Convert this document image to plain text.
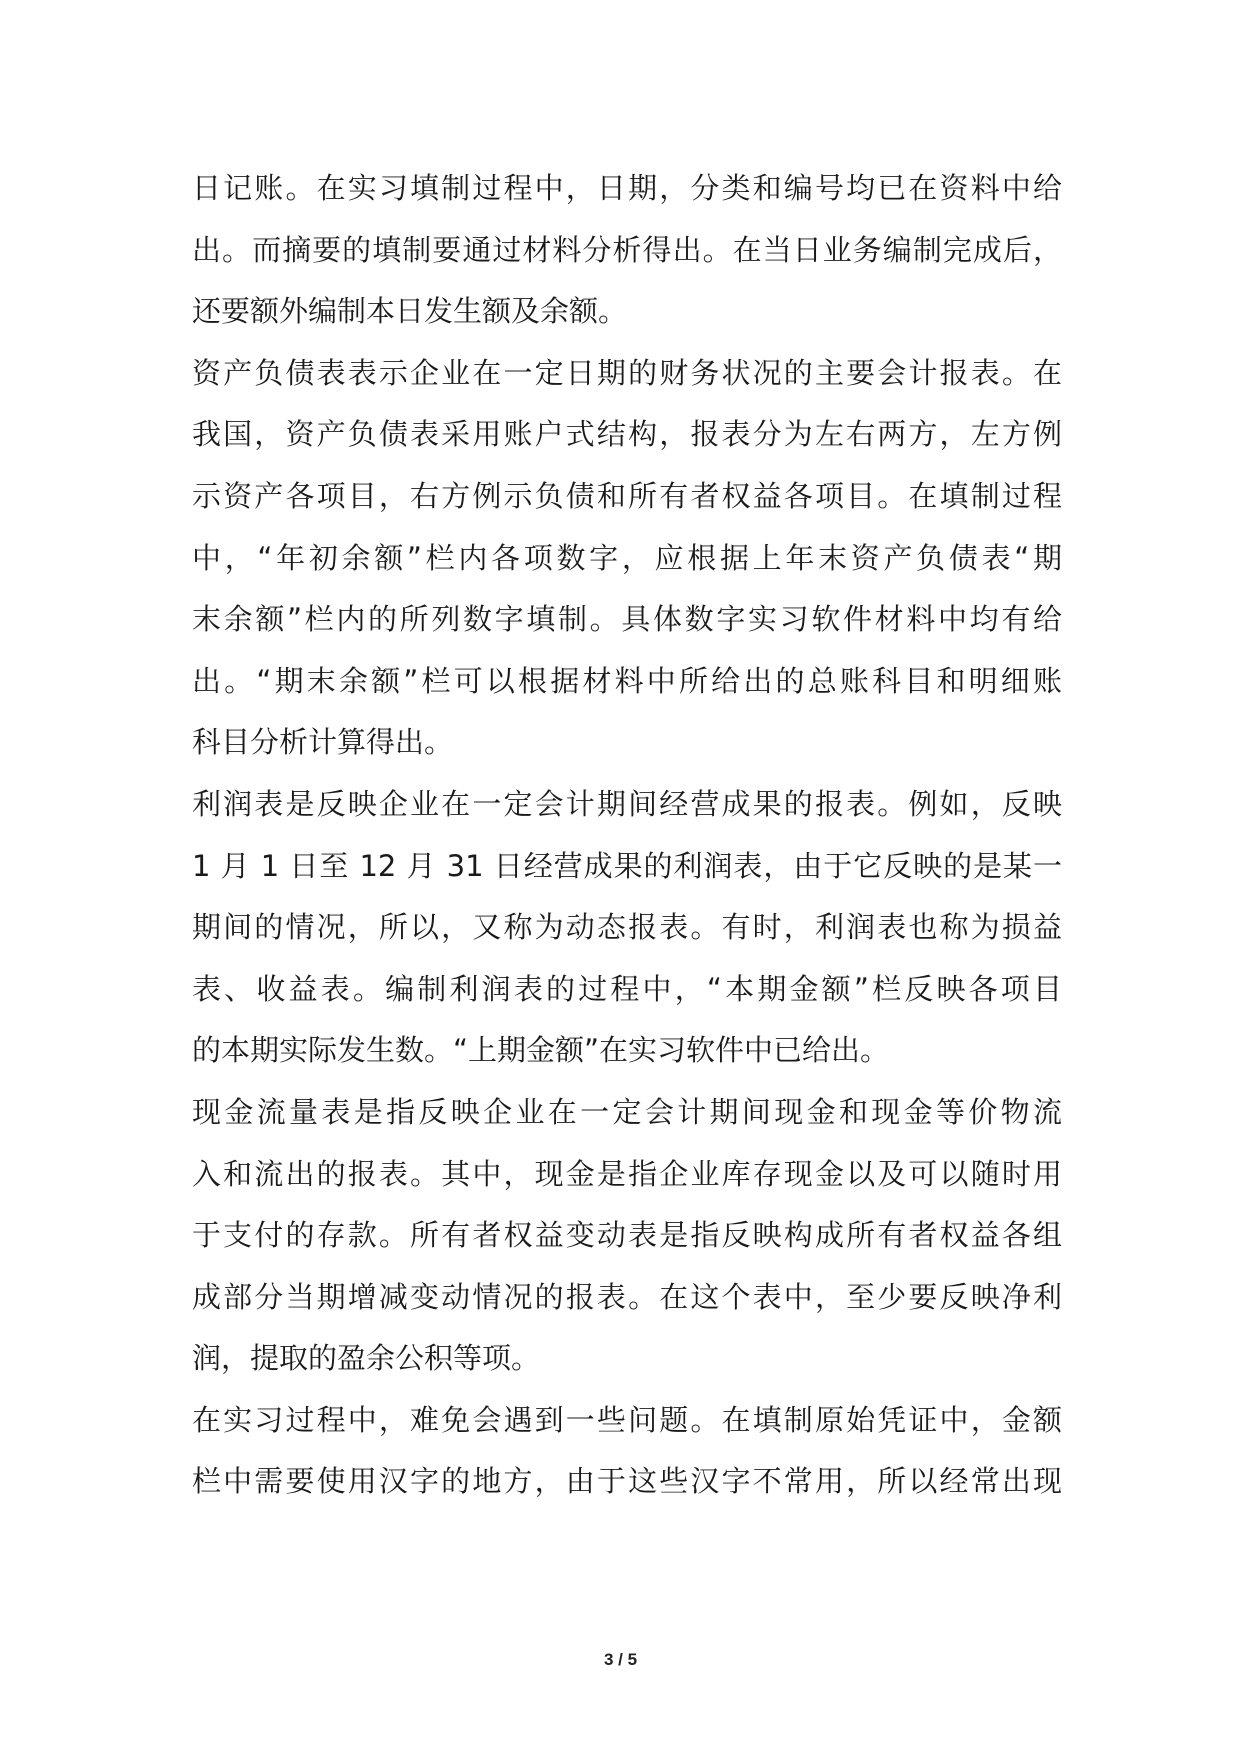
日记账。在实习填制过程中，日期，分类和编号均已在资料中给
出。而摘要的填制要通过材料分析得出。在当日业务编制完成后，
还要额外编制本日发生额及余额。
资产负债表表示企业在一定日期的财务状况的主要会计报表。在
我国，资产负债表采用账户式结构，报表分为左右两方，左方例
示资产各项目，右方例示负债和所有者权益各项目。在填制过程
中，“年初余额”栏内各项数字，应根据上年末资产负债表“期
末余额”栏内的所列数字填制。具体数字实习软件材料中均有给
出。“期末余额”栏可以根据材料中所给出的总账科目和明细账
科目分析计算得出。
利润表是反映企业在一定会计期间经营成果的报表。例如，反映
1 月 1 日至 12 月 31 日经营成果的利润表，由于它反映的是某一
期间的情况，所以，又称为动态报表。有时，利润表也称为损益
表、收益表。编制利润表的过程中，“本期金额”栏反映各项目
的本期实际发生数。“上期金额”在实习软件中已给出。
现金流量表是指反映企业在一定会计期间现金和现金等价物流
入和流出的报表。其中，现金是指企业库存现金以及可以随时用
于支付的存款。所有者权益变动表是指反映构成所有者权益各组
成部分当期增减变动情况的报表。在这个表中，至少要反映净利
润，提取的盈余公积等项。
在实习过程中，难免会遇到一些问题。在填制原始凭证中，金额
栏中需要使用汉字的地方，由于这些汉字不常用，所以经常出现
3 / 5
